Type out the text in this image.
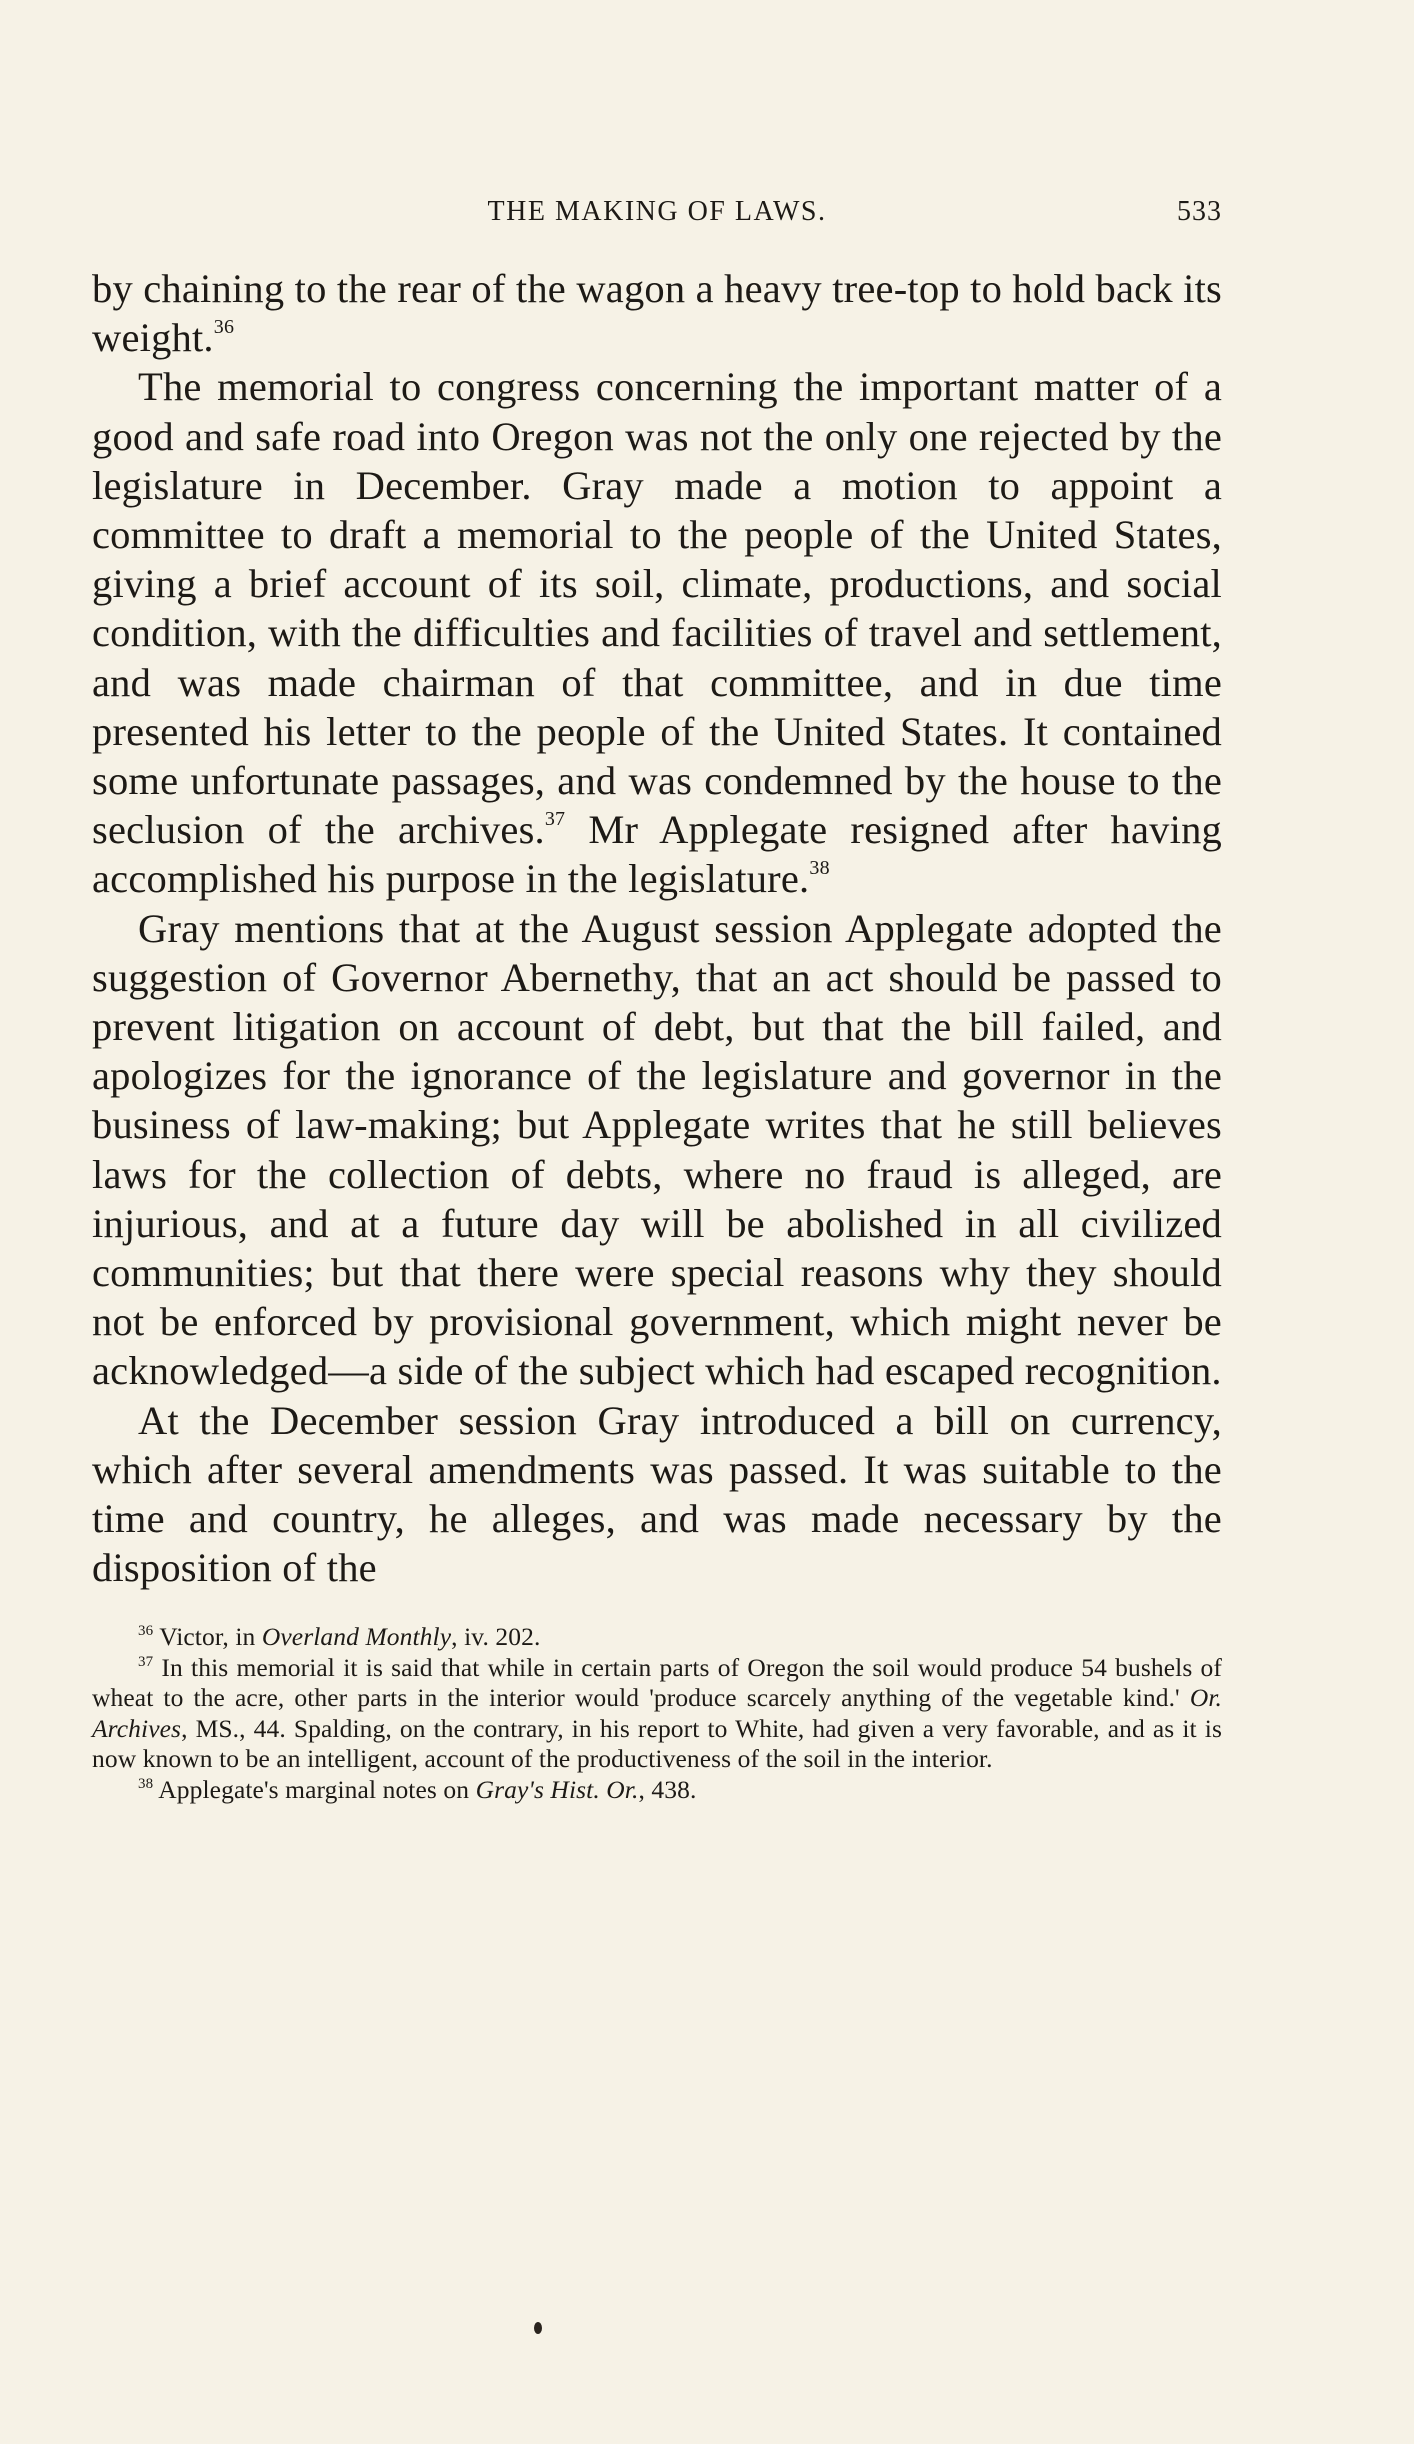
THE MAKING OF LAWS.	533

by chaining to the rear of the wagon a heavy tree-top to hold back its weight.$^{36}$

The memorial to congress concerning the important matter of a good and safe road into Oregon was not the only one rejected by the legislature in December. Gray made a motion to appoint a committee to draft a memorial to the people of the United States, giving a brief account of its soil, climate, productions, and social condition, with the difficulties and facilities of travel and settlement, and was made chairman of that committee, and in due time presented his letter to the people of the United States. It contained some unfortunate passages, and was condemned by the house to the seclusion of the archives.$^{37}$ Mr Applegate resigned after having accomplished his purpose in the legislature.$^{38}$

Gray mentions that at the August session Applegate adopted the suggestion of Governor Abernethy, that an act should be passed to prevent litigation on account of debt, but that the bill failed, and apologizes for the ignorance of the legislature and governor in the business of law-making; but Applegate writes that he still believes laws for the collection of debts, where no fraud is alleged, are injurious, and at a future day will be abolished in all civilized communities; but that there were special reasons why they should not be enforced by provisional government, which might never be acknowledged—a side of the subject which had escaped recognition.

At the December session Gray introduced a bill on currency, which after several amendments was passed. It was suitable to the time and country, he alleges, and was made necessary by the disposition of the

$^{36}$ Victor, in Overland Monthly, iv. 202.

$^{37}$ In this memorial it is said that while in certain parts of Oregon the soil would produce 54 bushels of wheat to the acre, other parts in the interior would 'produce scarcely anything of the vegetable kind.' Or. Archives, MS., 44. Spalding, on the contrary, in his report to White, had given a very favorable, and as it is now known to be an intelligent, account of the productiveness of the soil in the interior.

$^{38}$ Applegate's marginal notes on Gray's Hist. Or., 438.
